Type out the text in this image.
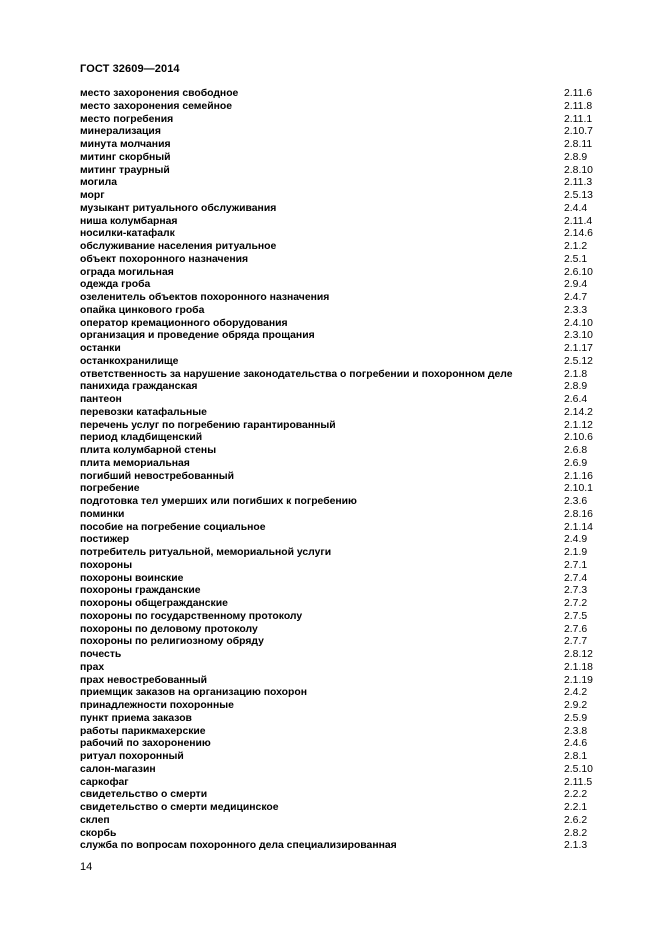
ГОСТ 32609—2014
место захоронения свободное	2.11.6
место захоронения семейное	2.11.8
место погребения	2.11.1
минерализация	2.10.7
минута молчания	2.8.11
митинг скорбный	2.8.9
митинг траурный	2.8.10
могила	2.11.3
морг	2.5.13
музыкант ритуального обслуживания	2.4.4
ниша колумбарная	2.11.4
носилки-катафалк	2.14.6
обслуживание населения ритуальное	2.1.2
объект похоронного назначения	2.5.1
ограда могильная	2.6.10
одежда гроба	2.9.4
озеленитель объектов похоронного назначения	2.4.7
опайка цинкового гроба	2.3.3
оператор кремационного оборудования	2.4.10
организация и проведение обряда прощания	2.3.10
останки	2.1.17
останкохранилище	2.5.12
ответственность за нарушение законодательства о погребении и похоронном деле	2.1.8
панихида гражданская	2.8.9
пантеон	2.6.4
перевозки катафальные	2.14.2
перечень услуг по погребению гарантированный	2.1.12
период кладбищенский	2.10.6
плита колумбарной стены	2.6.8
плита мемориальная	2.6.9
погибший невостребованный	2.1.16
погребение	2.10.1
подготовка тел умерших или погибших к погребению	2.3.6
поминки	2.8.16
пособие на погребение социальное	2.1.14
постижер	2.4.9
потребитель ритуальной, мемориальной услуги	2.1.9
похороны	2.7.1
похороны воинские	2.7.4
похороны гражданские	2.7.3
похороны общегражданские	2.7.2
похороны по государственному протоколу	2.7.5
похороны по деловому протоколу	2.7.6
похороны по религиозному обряду	2.7.7
почесть	2.8.12
прах	2.1.18
прах невостребованный	2.1.19
приемщик заказов на организацию похорон	2.4.2
принадлежности похоронные	2.9.2
пункт приема заказов	2.5.9
работы парикмахерские	2.3.8
рабочий по захоронению	2.4.6
ритуал похоронный	2.8.1
салон-магазин	2.5.10
саркофаг	2.11.5
свидетельство о смерти	2.2.2
свидетельство о смерти медицинское	2.2.1
склеп	2.6.2
скорбь	2.8.2
служба по вопросам похоронного дела специализированная	2.1.3
14
